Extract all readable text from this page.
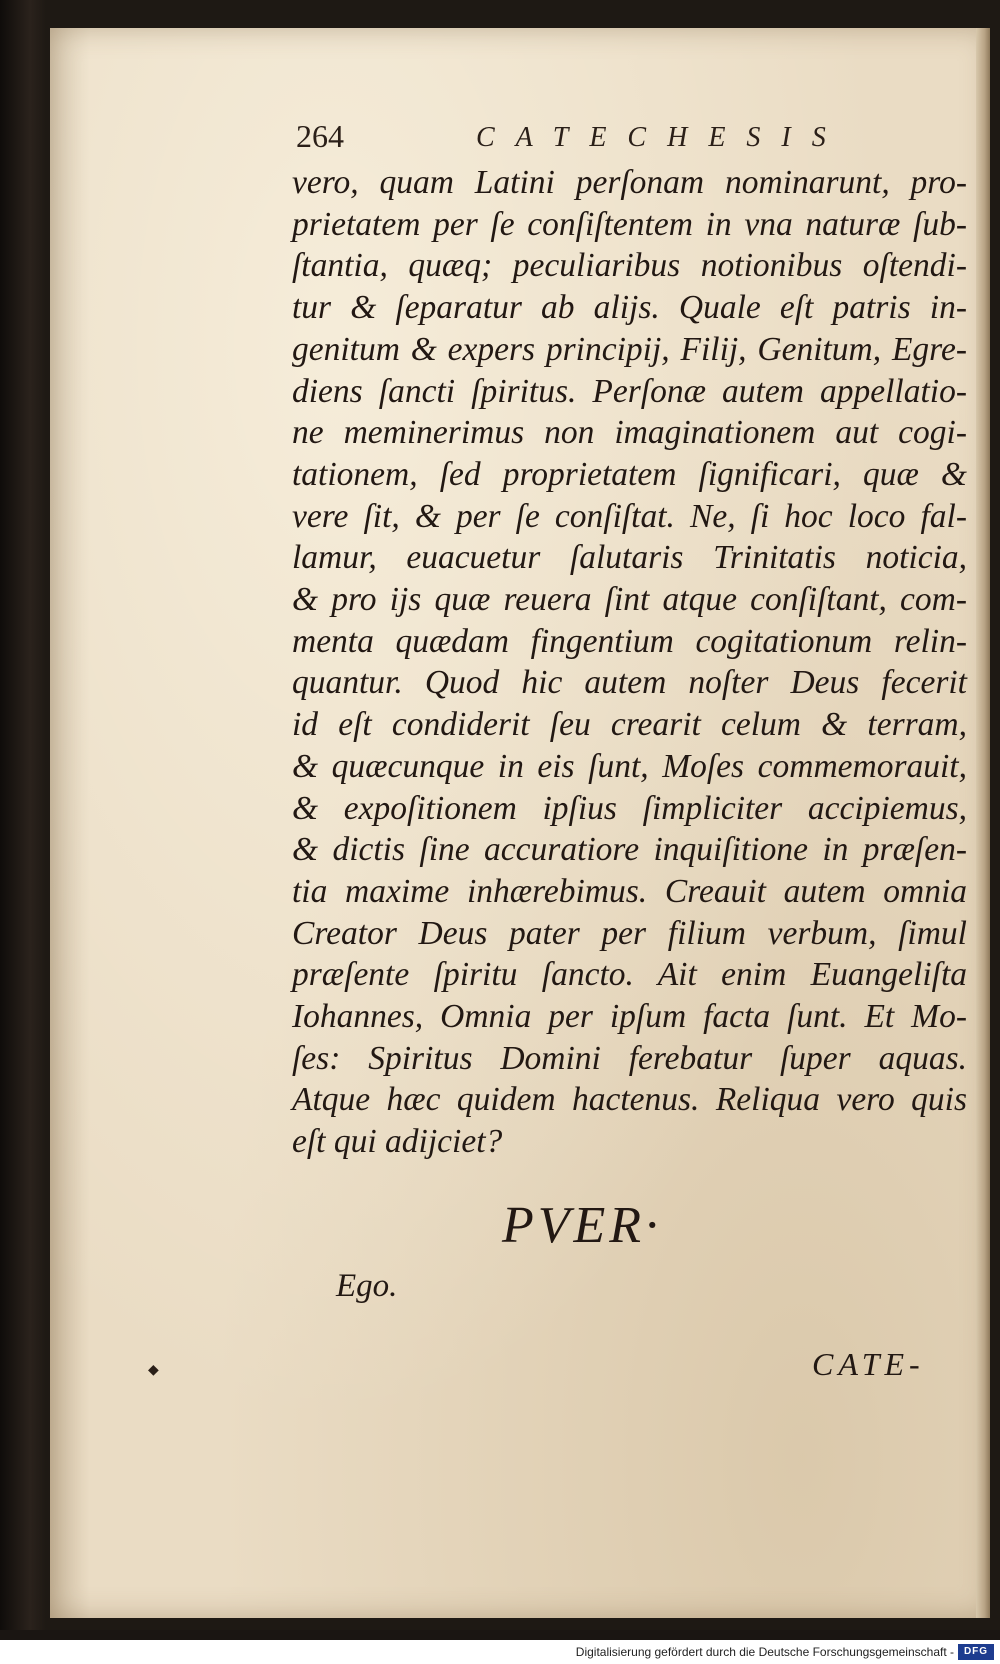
264	CATECHESIS
vero, quam Latini perſonam nominarunt, pro-
prietatem per ſe conſiſtentem in vna naturæ ſub-
ſtantia, quæq; peculiaribus notionibus oſtendi-
tur & ſeparatur ab alijs. Quale eſt patris in-
genitum & expers principij, Filij, Genitum, Egre-
diens ſancti ſpiritus. Perſonæ autem appellatio-
ne meminerimus non imaginationem aut cogi-
tationem, ſed proprietatem ſignificari, quæ &
vere ſit, & per ſe conſiſtat. Ne, ſi hoc loco fal-
lamur, euacuetur ſalutaris Trinitatis noticia,
& pro ijs quæ reuera ſint atque conſiſtant, com-
menta quædam fingentium cogitationum relin-
quantur. Quod hic autem noſter Deus fecerit
id eſt condiderit ſeu crearit celum & terram,
& quæcunque in eis ſunt, Moſes commemorauit,
& expoſitionem ipſius ſimpliciter accipiemus,
& dictis ſine accuratiore inquiſitione in præſen-
tia maxime inhærebimus. Creauit autem omnia
Creator Deus pater per filium verbum, ſimul
præſente ſpiritu ſancto. Ait enim Euangeliſta
Iohannes, Omnia per ipſum facta ſunt. Et Mo-
ſes: Spiritus Domini ferebatur ſuper aquas.
Atque hæc quidem hactenus. Reliqua vero quis
eſt qui adijciet?
PVER·
Ego.
CATE-
◆
Digitalisierung gefördert durch die Deutsche Forschungsgemeinschaft - DFG
